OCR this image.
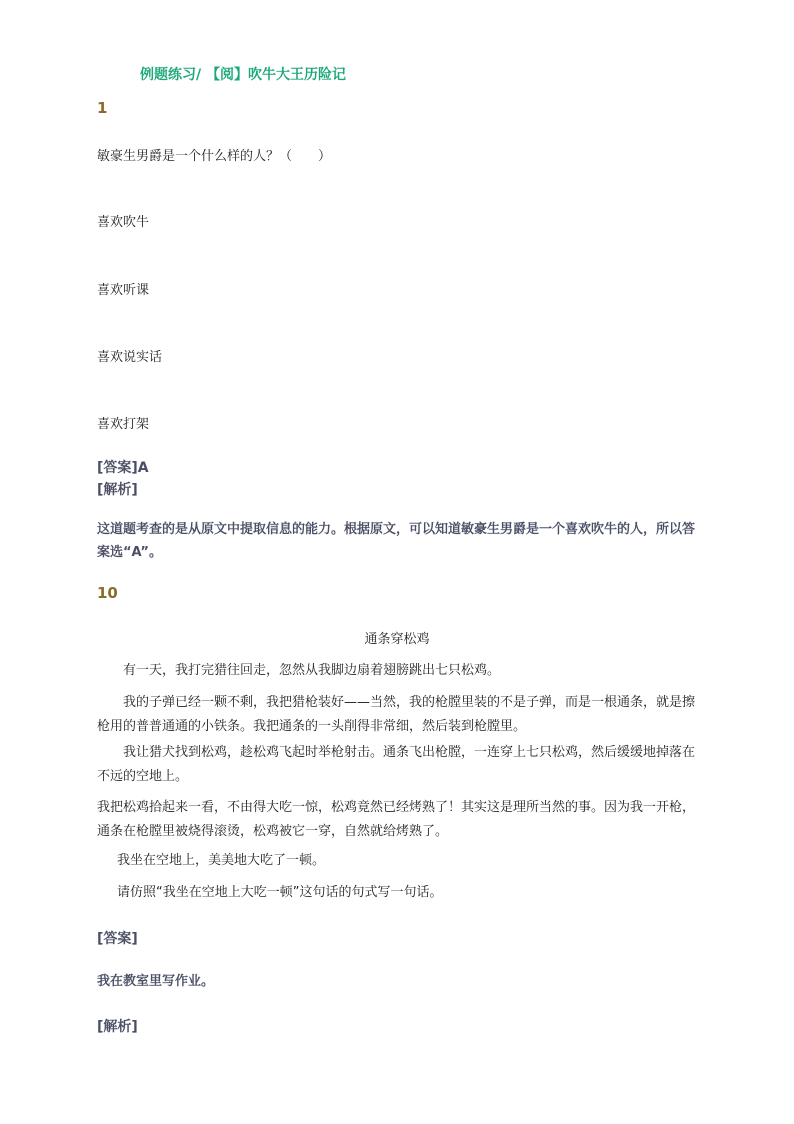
例题练习/ 【阅】吹牛大王历险记
1
敏豪生男爵是一个什么样的人？（　　）
喜欢吹牛
喜欢听课
喜欢说实话
喜欢打架
[答案]A
[解析]
这道题考查的是从原文中提取信息的能力。根据原文，可以知道敏豪生男爵是一个喜欢吹牛的人，所以答案选“A”。
10
通条穿松鸡
有一天，我打完猎往回走，忽然从我脚边扇着翅膀跳出七只松鸡。
我的子弹已经一颗不剩，我把猎枪装好——当然，我的枪膛里装的不是子弹，而是一根通条，就是擦枪用的普普通通的小铁条。我把通条的一头削得非常细，然后装到枪膛里。
我让猎犬找到松鸡，趁松鸡飞起时举枪射击。通条飞出枪膛，一连穿上七只松鸡，然后缓缓地掉落在不远的空地上。
我把松鸡拾起来一看，不由得大吃一惊，松鸡竟然已经烤熟了！其实这是理所当然的事。因为我一开枪，通条在枪膛里被烧得滚烫，松鸡被它一穿，自然就给烤熟了。
我坐在空地上，美美地大吃了一顿。
请仿照“我坐在空地上大吃一顿”这句话的句式写一句话。
[答案]
我在教室里写作业。
[解析]
